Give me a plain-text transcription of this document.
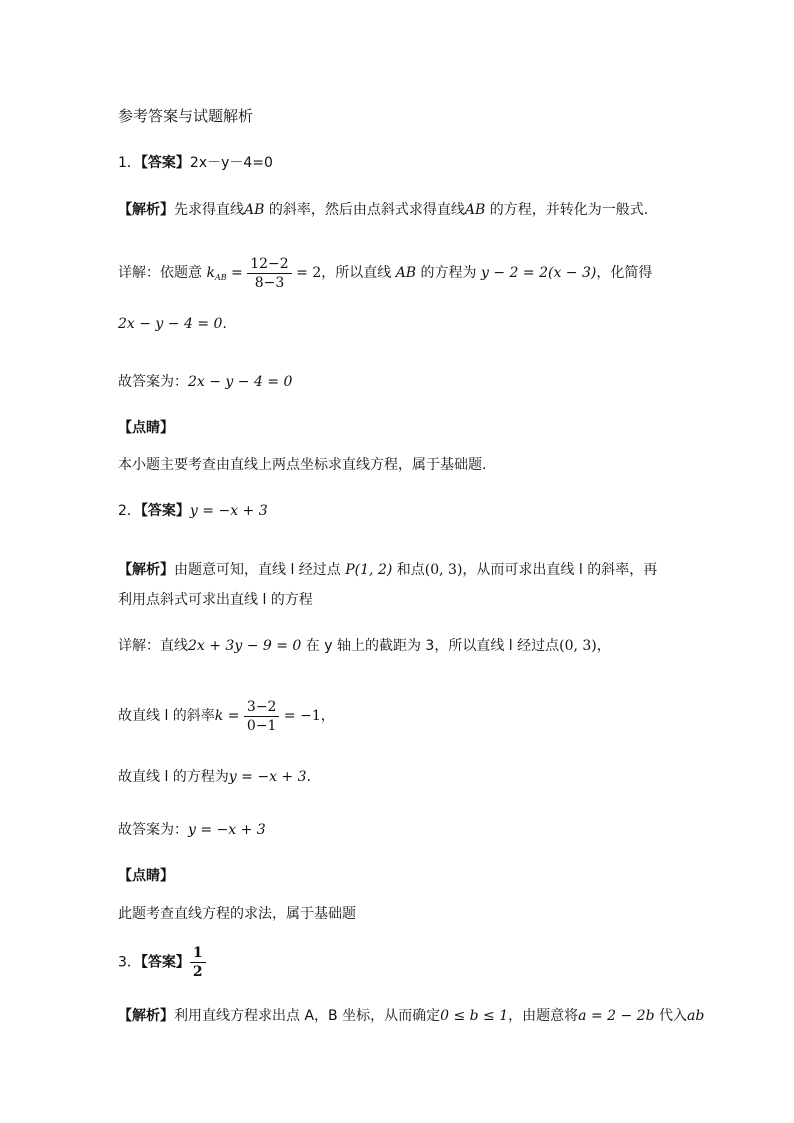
参考答案与试题解析
1．【答案】2x－y－4=0
【解析】先求得直线AB 的斜率，然后由点斜式求得直线AB 的方程，并转化为一般式.
详解：依题意 $k_{AB} = \frac{12-2}{8-3} = 2$，所以直线 AB 的方程为 y − 2 = 2(x − 3)，化简得
2x − y − 4 = 0.
故答案为：2x − y − 4 = 0
【点睛】
本小题主要考查由直线上两点坐标求直线方程，属于基础题.
2．【答案】y = −x + 3
【解析】由题意可知，直线 l 经过点 P(1, 2) 和点(0, 3)，从而可求出直线 l 的斜率，再
利用点斜式可求出直线 l 的方程
详解：直线2x + 3y − 9 = 0 在 y 轴上的截距为 3，所以直线 l 经过点(0, 3)，
故直线 l 的斜率$k = \frac{3-2}{0-1} = -1$，
故直线 l 的方程为y = −x + 3.
故答案为：y = −x + 3
【点睛】
此题考查直线方程的求法，属于基础题
3．【答案】 $\frac{1}{2}$
【解析】利用直线方程求出点 A，B 坐标，从而确定0 ≤ b ≤ 1，由题意将a = 2 − 2b 代入ab
